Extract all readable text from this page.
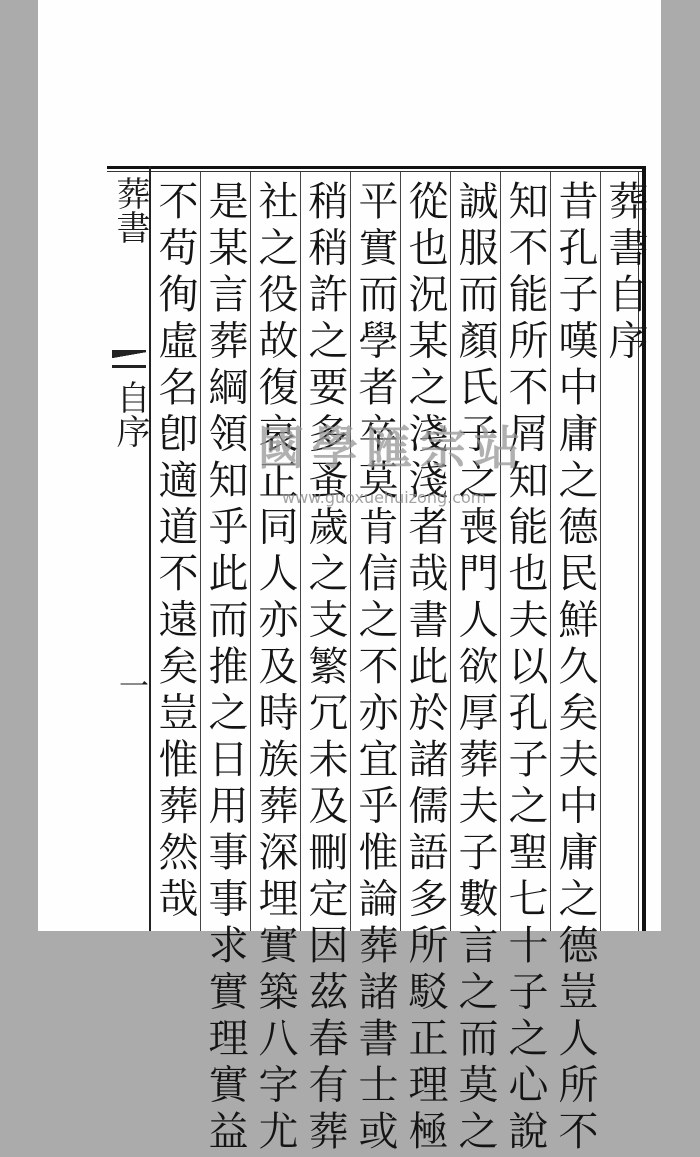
葬書自序
昔孔子嘆中庸之德民鮮久矣夫中庸之德豈人所不
知不能所不屑知能也夫以孔子之聖七十子之心說
誠服而顏氏子之喪門人欲厚葬夫子數言之而莫之
從也況某之淺淺者哉書此於諸儒語多所駁正理極
平實而學者卒莫肯信之不亦宜乎惟論葬諸書士或
稍稍許之要多蚤歲之支繁冗未及刪定因茲春有葬
社之役故復哀正同人亦及時族葬深埋實築八字尤
是某言葬綱領知乎此而推之日用事事求實理實益
不苟徇虛名卽適道不遠矣豈惟葬然哉
葬書
自序
一
國學匯宗站
www.guoxuehuizong.com
